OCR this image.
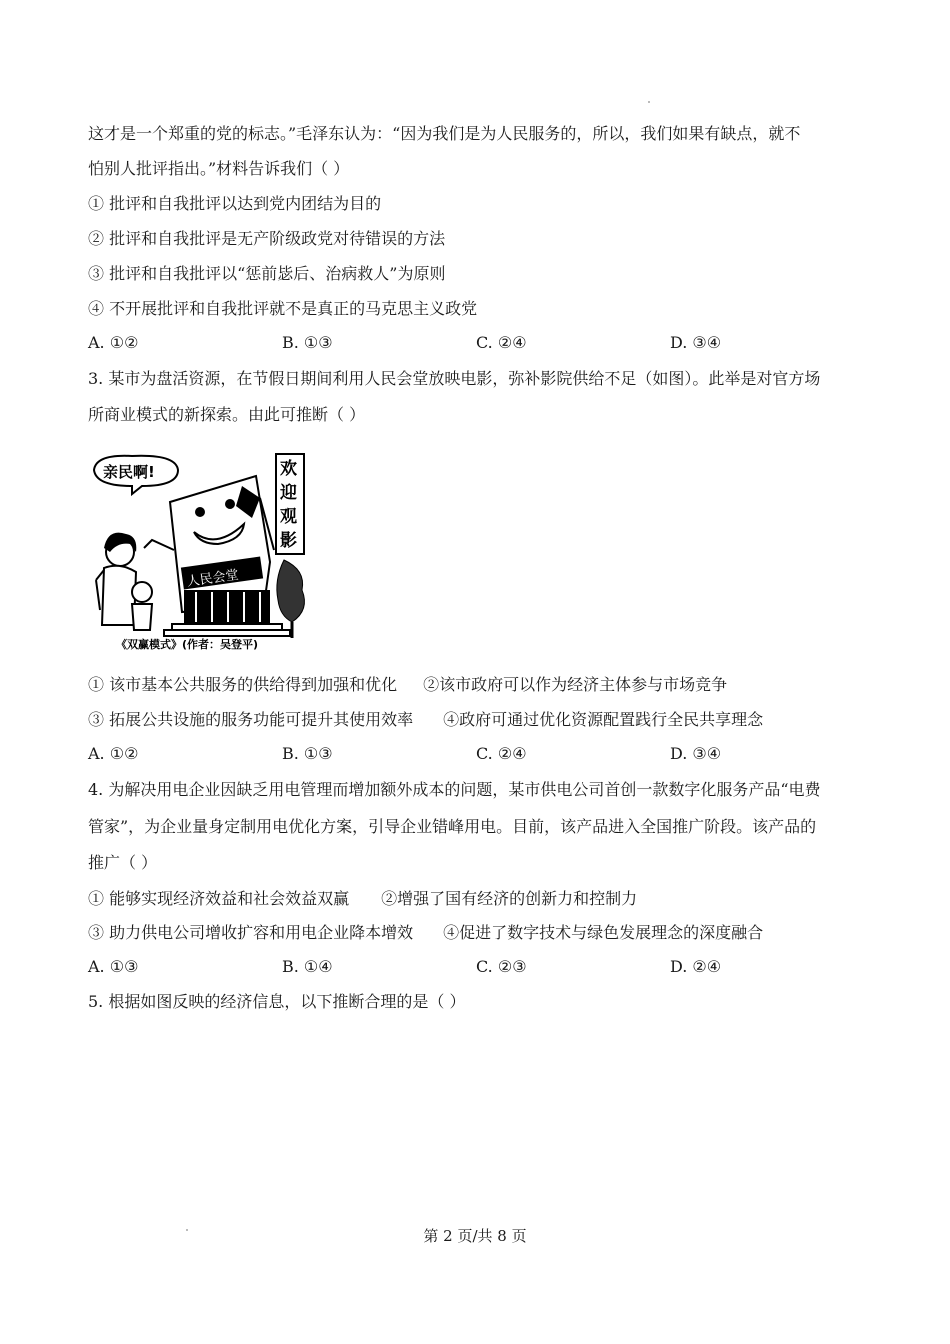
这才是一个郑重的党的标志。”毛泽东认为：“因为我们是为人民服务的，所以，我们如果有缺点，就不
怕别人批评指出。”材料告诉我们（ ）
① 批评和自我批评以达到党内团结为目的
② 批评和自我批评是无产阶级政党对待错误的方法
③ 批评和自我批评以“惩前毖后、治病救人”为原则
④ 不开展批评和自我批评就不是真正的马克思主义政党
A. ①②	B. ①③	C. ②④	D. ③④
3. 某市为盘活资源，在节假日期间利用人民会堂放映电影，弥补影院供给不足（如图）。此举是对官方场
所商业模式的新探索。由此可推断（ ）
亲民啊!
人民会堂
欢
迎
观
影
《双赢模式》(作者：吴登平)
① 该市基本公共服务的供给得到加强和优化 ②该市政府可以作为经济主体参与市场竞争
③ 拓展公共设施的服务功能可提升其使用效率 ④政府可通过优化资源配置践行全民共享理念
A. ①②	B. ①③	C. ②④	D. ③④
4. 为解决用电企业因缺乏用电管理而增加额外成本的问题，某市供电公司首创一款数字化服务产品“电费
管家”，为企业量身定制用电优化方案，引导企业错峰用电。目前，该产品进入全国推广阶段。该产品的
推广（ ）
① 能够实现经济效益和社会效益双赢 ②增强了国有经济的创新力和控制力
③ 助力供电公司增收扩容和用电企业降本增效 ④促进了数字技术与绿色发展理念的深度融合
A. ①③	B. ①④	C. ②③	D. ②④
5. 根据如图反映的经济信息，以下推断合理的是（ ）
第 2 页/共 8 页
